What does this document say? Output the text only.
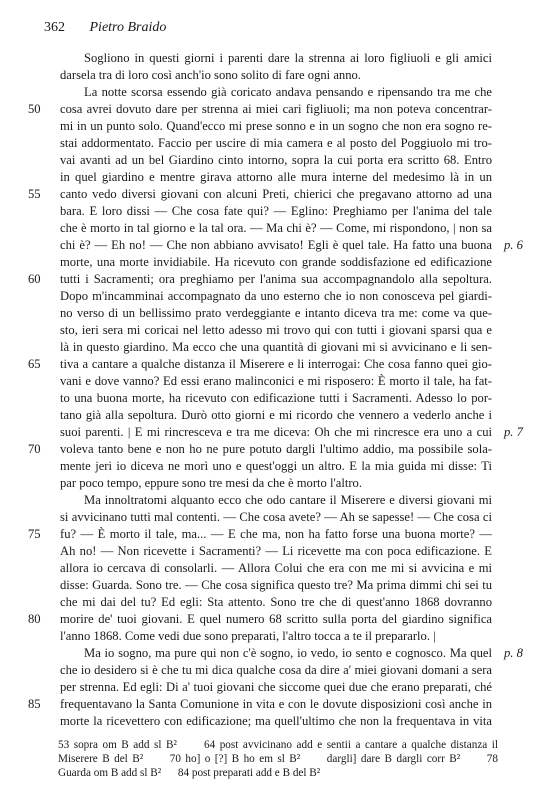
362 Pietro Braido
Sogliono in questi giorni i parenti dare la strenna ai loro figliuoli e gli amici
darsela tra di loro così anch'io sono solito di fare ogni anno.
La notte scorsa essendo già coricato andava pensando e ripensando tra me che
cosa avrei dovuto dare per strenna ai miei cari figliuoli; ma non poteva concentrar-
mi in un punto solo. Quand'ecco mi prese sonno e in un sogno che non era sogno re-
stai addormentato. Faccio per uscire di mia camera e al posto del Poggiuolo mi tro-
vai avanti ad un bel Giardino cinto intorno, sopra la cui porta era scritto 68. Entro
in quel giardino e mentre girava attorno alle mura interne del medesimo là in un
canto vedo diversi giovani con alcuni Preti, chierici che pregavano attorno ad una
bara. E loro dissi — Che cosa fate qui? — Eglino: Preghiamo per l'anima del tale
che è morto in tal giorno e la tal ora. — Ma chi è? — Come, mi rispondono, | non sa
chi è? — Eh no! — Che non abbiano avvisato! Egli è quel tale. Ha fatto una buona
morte, una morte invidiabile. Ha ricevuto con grande soddisfazione ed edificazione
tutti i Sacramenti; ora preghiamo per l'anima sua accompagnandolo alla sepoltura.
Dopo m'incamminai accompagnato da uno esterno che io non conosceva pel giardi-
no verso di un bellissimo prato verdeggiante e intanto diceva tra me: come va que-
sto, ieri sera mi coricai nel letto adesso mi trovo qui con tutti i giovani sparsi qua e
là in questo giardino. Ma ecco che una quantità di giovani mi si avvicinano e li sen-
tiva a cantare a qualche distanza il Miserere e li interrogai: Che cosa fanno quei gio-
vani e dove vanno? Ed essi erano malinconici e mi risposero: È morto il tale, ha fat-
to una buona morte, ha ricevuto con edificazione tutti i Sacramenti. Adesso lo por-
tano già alla sepoltura. Durò otto giorni e mi ricordo che vennero a vederlo anche i
suoi parenti. | E mi rincresceva e tra me diceva: Oh che mi rincresce era uno a cui
voleva tanto bene e non ho ne pure potuto dargli l'ultimo addio, ma possibile sola-
mente jeri io diceva ne morì uno e quest'oggi un altro. E la mia guida mi disse: Ti
par poco tempo, eppure sono tre mesi da che è morto l'altro.
Ma innoltratomi alquanto ecco che odo cantare il Miserere e diversi giovani mi
si avvicinano tutti mal contenti. — Che cosa avete? — Ah se sapesse! — Che cosa ci
fu? — È morto il tale, ma... — E che ma, non ha fatto forse una buona morte? —
Ah no! — Non ricevette i Sacramenti? — Li ricevette ma con poca edificazione. E
allora io cercava di consolarli. — Allora Colui che era con me mi si avvicina e mi
disse: Guarda. Sono tre. — Che cosa significa questo tre? Ma prima dimmi chi sei tu
che mi dai del tu? Ed egli: Sta attento. Sono tre che di quest'anno 1868 dovranno
morire de' tuoi giovani. E quel numero 68 scritto sulla porta del giardino significa
l'anno 1868. Come vedi due sono preparati, l'altro tocca a te il prepararlo. |
Ma io sogno, ma pure qui non c'è sogno, io vedo, io sento e cognosco. Ma quel
che io desidero si è che tu mi dica qualche cosa da dire a' miei giovani domani a sera
per strenna. Ed egli: Di a' tuoi giovani che siccome quei due che erano preparati, ché
frequentavano la Santa Comunione in vita e con le dovute disposizioni così anche in
morte la ricevettero con edificazione; ma quell'ultimo che non la frequentava in vita
50
55
60
65
70
75
80
85
p. 6
p. 7
p. 8
53 sopra om B add sl B²      64 post avvicinano add e sentii a cantare a qualche distanza il
Miserere B del B²      70 ho] o [?] B ho em sl B²      dargli] dare B dargli corr B²      78
Guarda om B add sl B²      84 post preparati add e B del B²
